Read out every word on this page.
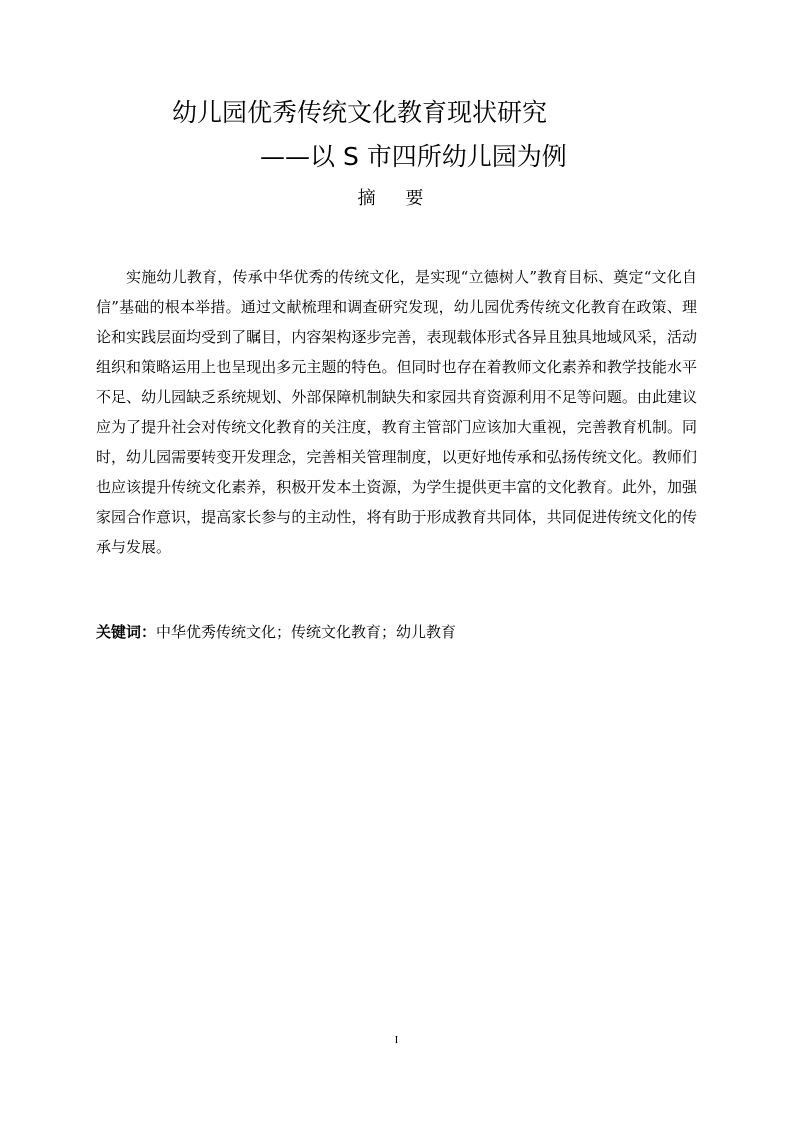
幼儿园优秀传统文化教育现状研究
——以 S 市四所幼儿园为例
摘 要

实施幼儿教育，传承中华优秀的传统文化，是实现“立德树人”教育目标、奠定“文化自信”基础的根本举措。通过文献梳理和调查研究发现，幼儿园优秀传统文化教育在政策、理论和实践层面均受到了瞩目，内容架构逐步完善，表现载体形式各异且独具地域风采，活动组织和策略运用上也呈现出多元主题的特色。但同时也存在着教师文化素养和教学技能水平不足、幼儿园缺乏系统规划、外部保障机制缺失和家园共育资源利用不足等问题。由此建议应为了提升社会对传统文化教育的关注度，教育主管部门应该加大重视，完善教育机制。同时，幼儿园需要转变开发理念，完善相关管理制度，以更好地传承和弘扬传统文化。教师们也应该提升传统文化素养，积极开发本土资源，为学生提供更丰富的文化教育。此外，加强家园合作意识，提高家长参与的主动性，将有助于形成教育共同体，共同促进传统文化的传承与发展。

关键词：中华优秀传统文化；传统文化教育；幼儿教育
I
